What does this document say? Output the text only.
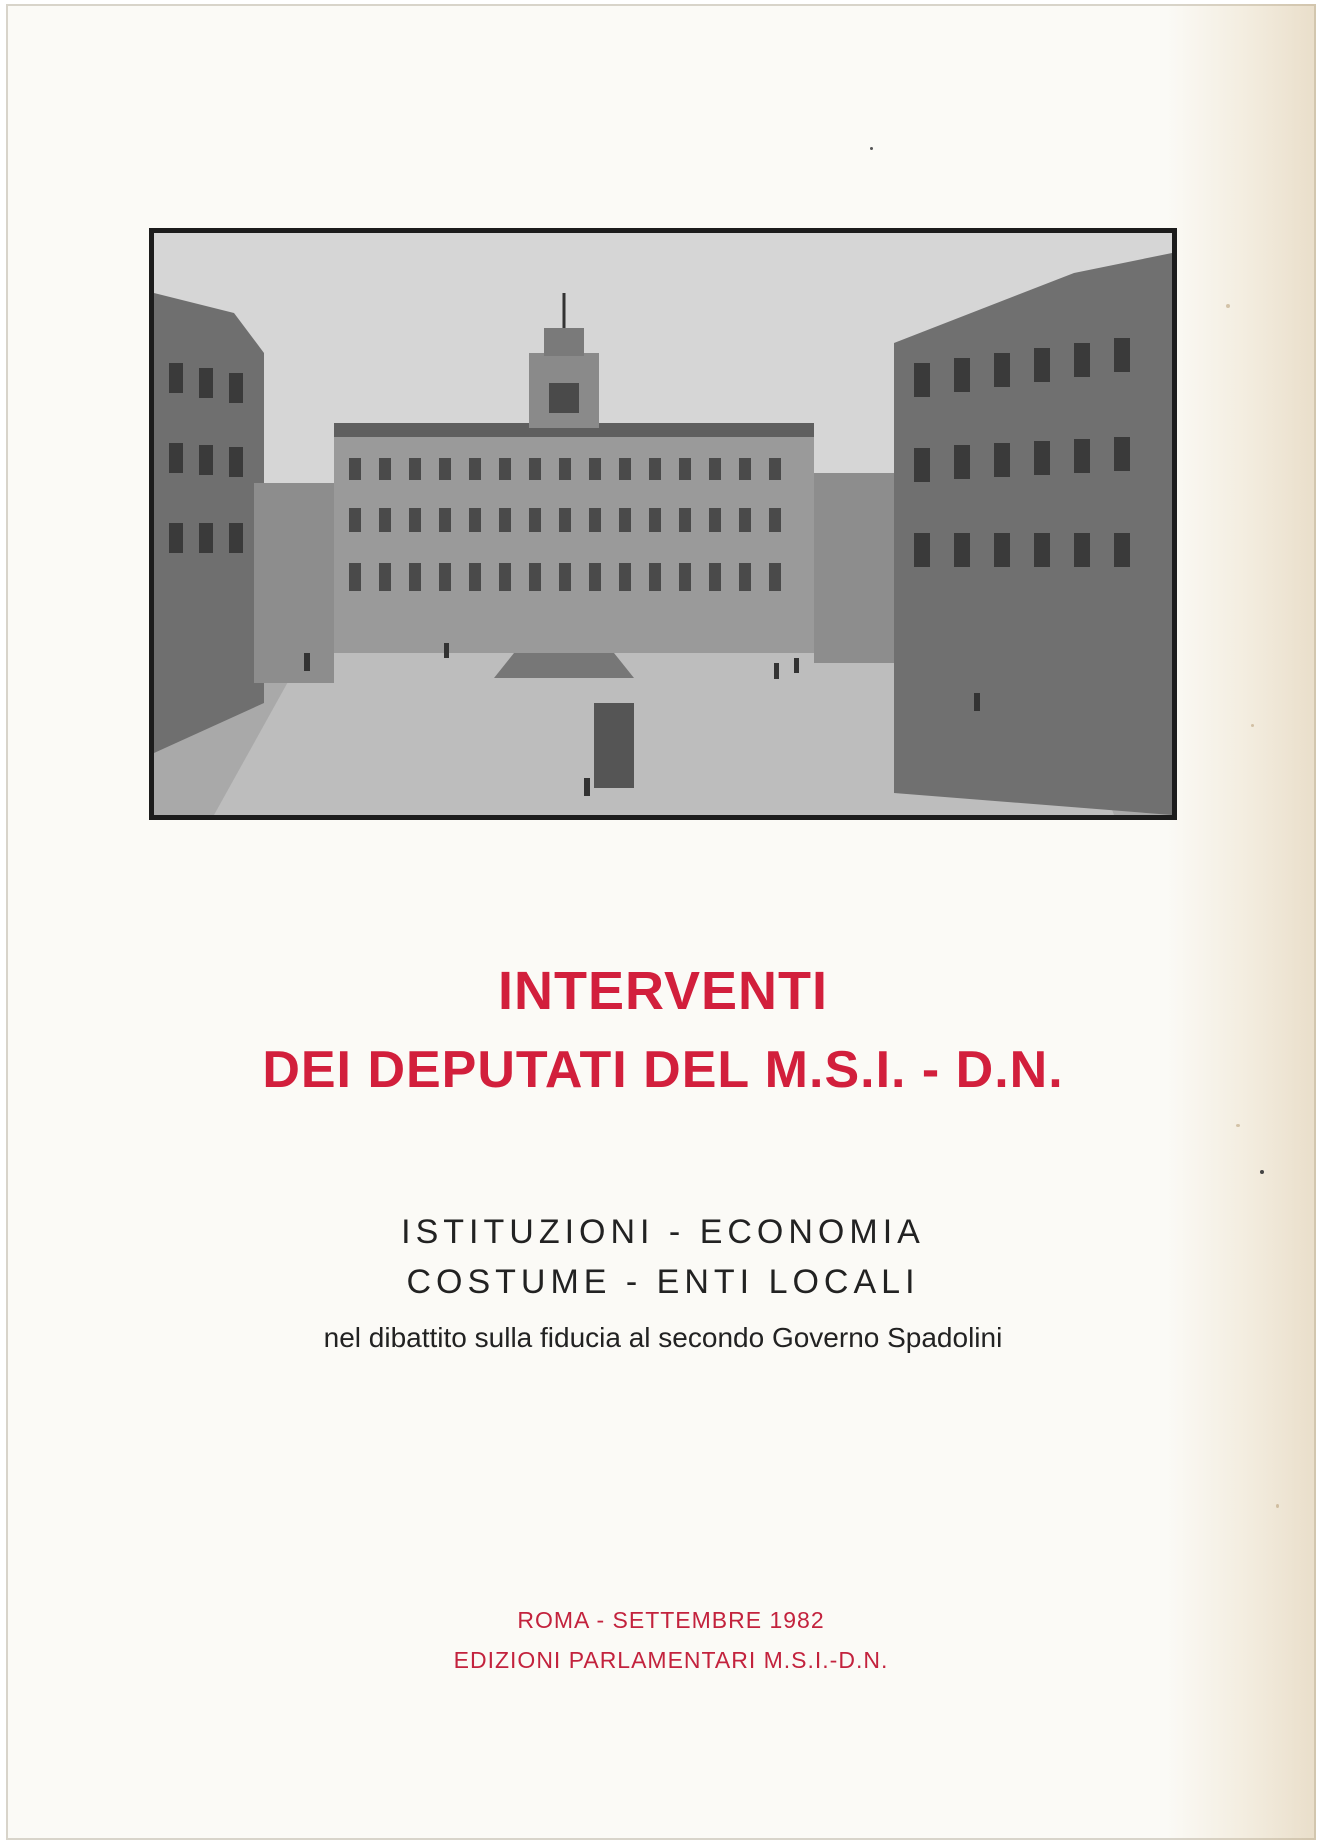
INTERVENTI
DEI DEPUTATI DEL M.S.I. - D.N.
ISTITUZIONI - ECONOMIA
COSTUME - ENTI LOCALI
nel dibattito sulla fiducia al secondo Governo Spadolini
ROMA - SETTEMBRE 1982
EDIZIONI PARLAMENTARI M.S.I.-D.N.
